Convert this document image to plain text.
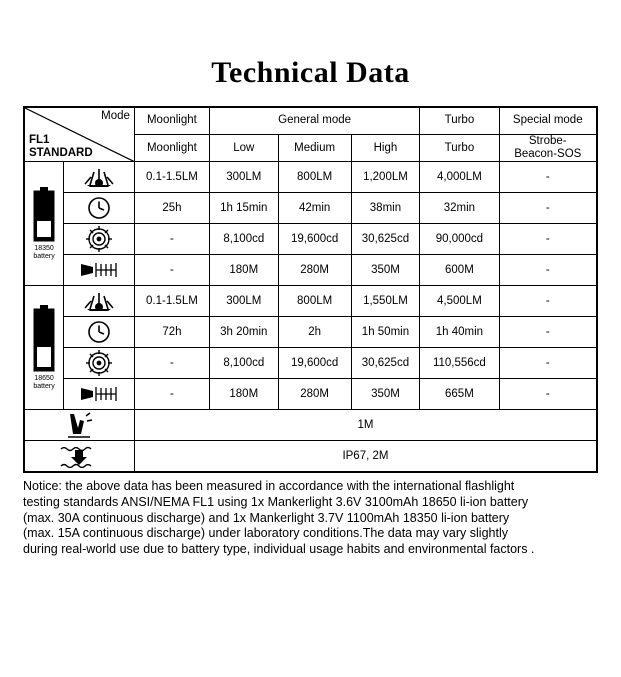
Technical Data
Mode
FL1
STANDARD		Moonlight	General mode			Turbo	Special mode
		Moonlight	Low	Medium	High	Turbo	Strobe-
Beacon-SOS

18350
battery		0.1-1.5LM	300LM	800LM	1,200LM	4,000LM	-

	25h	1h 15min	42min	38min	32min	-

	-	8,100cd	19,600cd	30,625cd	90,000cd	-

	-	180M	280M	350M	600M	-

18650
battery		0.1-1.5LM	300LM	800LM	1,550LM	4,500LM	-

	72h	3h 20min	2h	1h 50min	1h 40min	-

	-	8,100cd	19,600cd	30,625cd	110,556cd	-

	-	180M	280M	350M	665M	-

	1M					

	IP67, 2M					
Notice: the above data has been measured in accordance with the international flashlight
testing standards ANSI/NEMA FL1 using 1x Mankerlight 3.6V 3100mAh 18650 li-ion battery
(max. 30A continuous discharge) and 1x Mankerlight 3.7V 1100mAh 18350 li-ion battery
(max. 15A continuous discharge) under laboratory conditions.The data may vary slightly
during real-world use due to battery type, individual usage habits and environmental factors .
